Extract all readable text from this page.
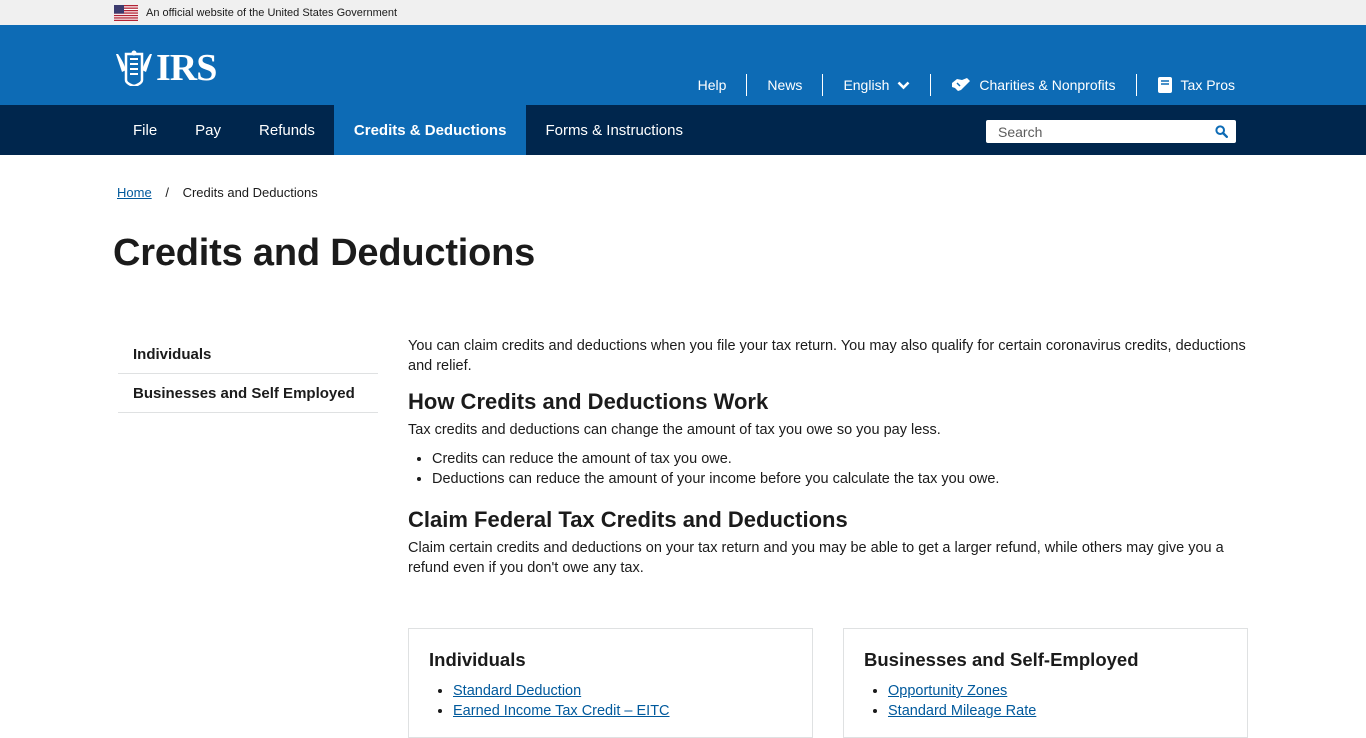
An official website of the United States Government
IRS	Help	News	English	Charities & Nonprofits	Tax Pros
File	Pay	Refunds	Credits & Deductions	Forms & Instructions
Search
Home / Credits and Deductions
Credits and Deductions
Individuals
Businesses and Self Employed

You can claim credits and deductions when you file your tax return. You may also qualify for certain coronavirus credits, deductions and relief.

How Credits and Deductions Work

Tax credits and deductions can change the amount of tax you owe so you pay less.

• Credits can reduce the amount of tax you owe.
• Deductions can reduce the amount of your income before you calculate the tax you owe.
Claim Federal Tax Credits and Deductions

Claim certain credits and deductions on your tax return and you may be able to get a larger refund, while others may give you a refund even if you don't owe any tax.

Individuals
• Standard Deduction
• Earned Income Tax Credit – EITC
Businesses and Self-Employed
• Opportunity Zones
• Standard Mileage Rate
